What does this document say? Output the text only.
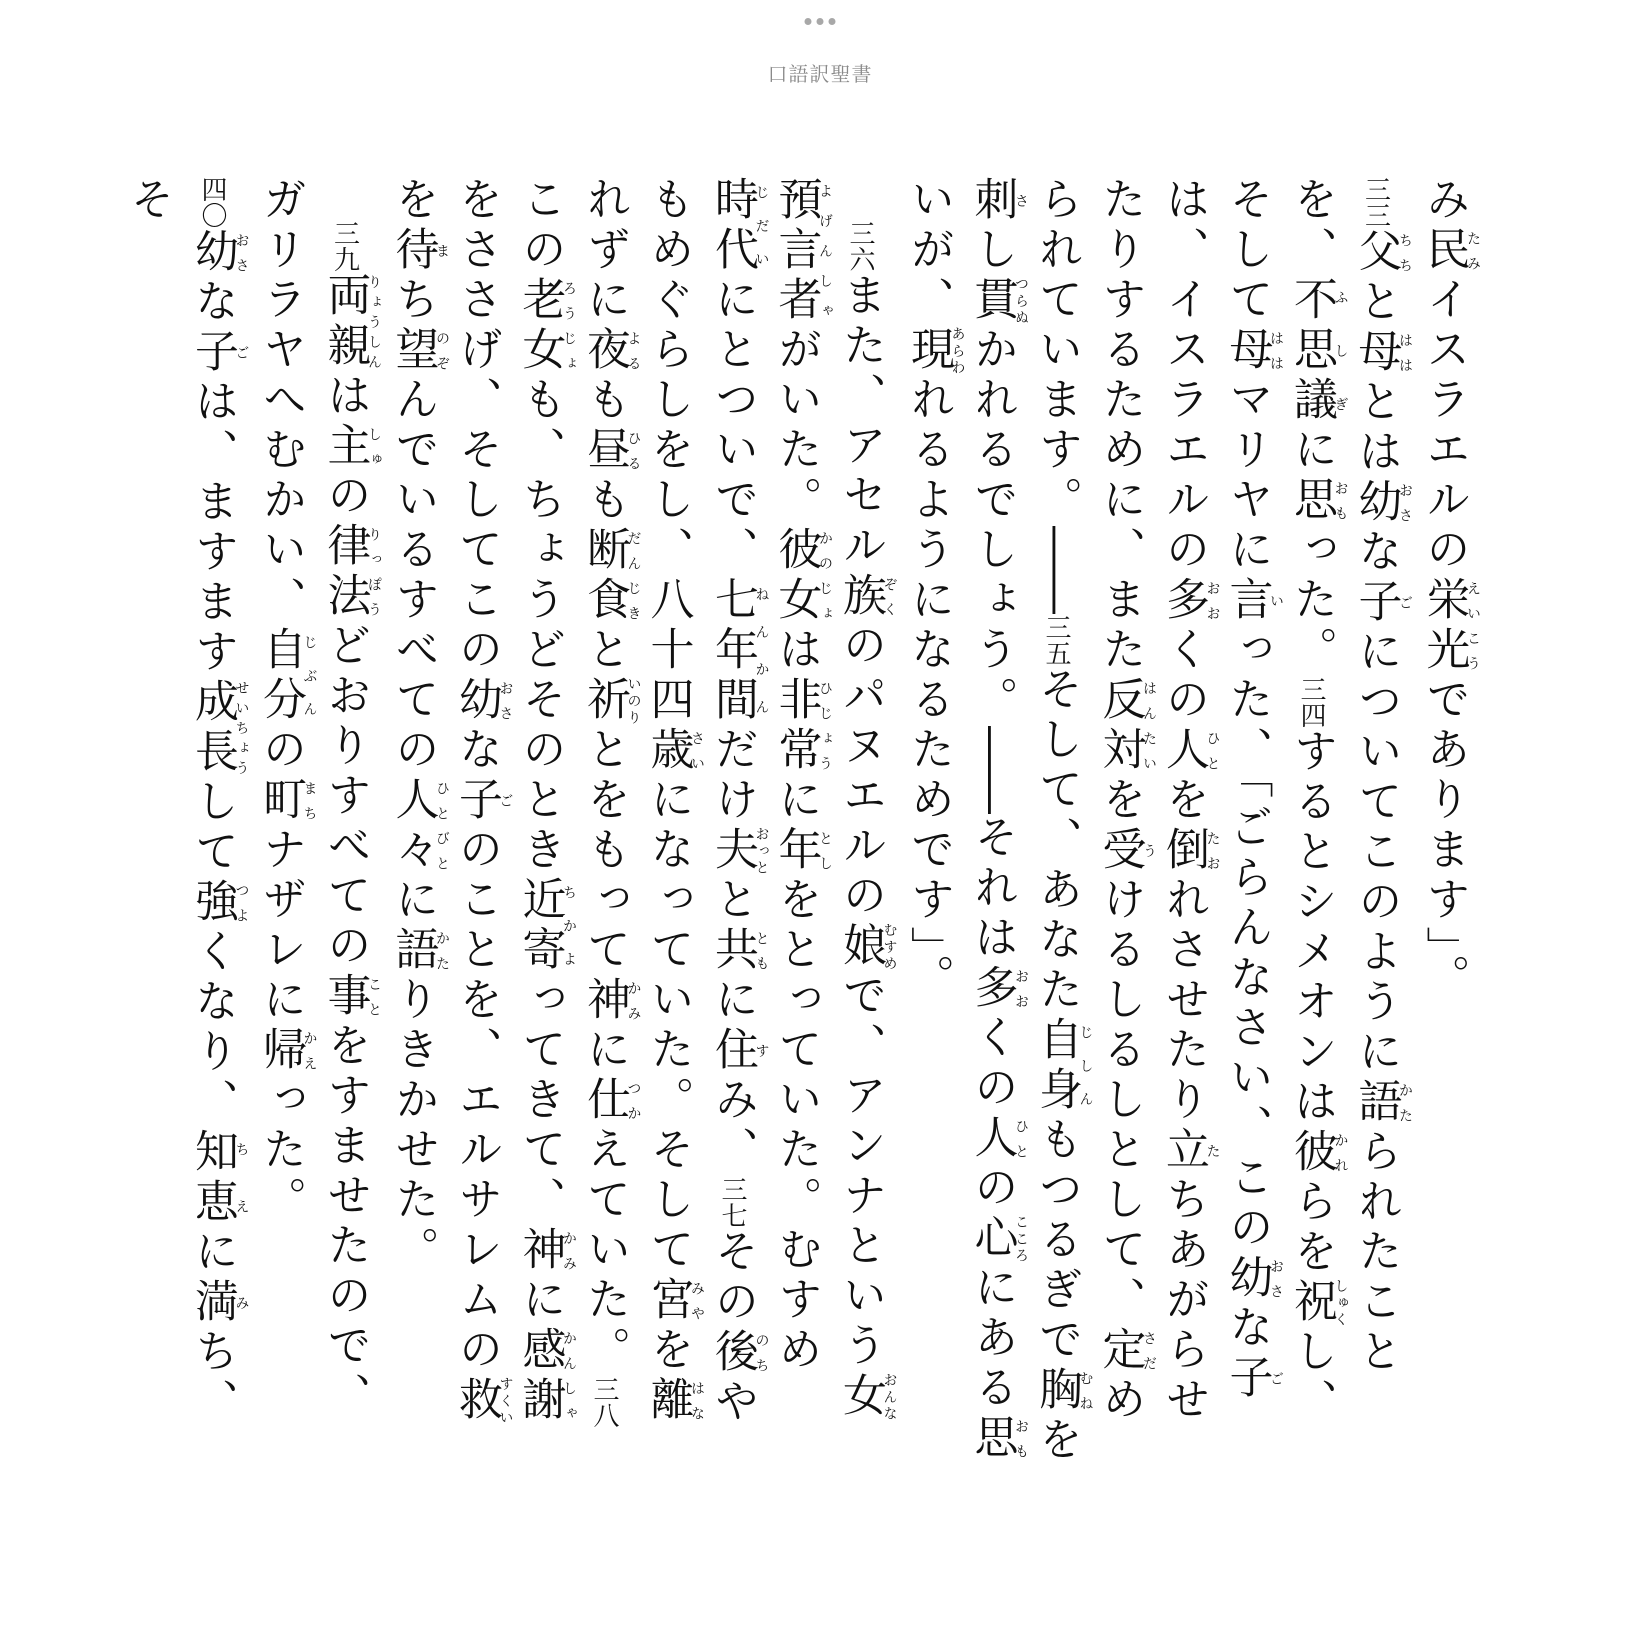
口語訳聖書
み民たみイスラエルの栄光えいこうであります」。
三三父ちちと母ははとは幼おさな子ごについてこのように語かたられたことを、不思議ふしぎに思おもった。三四するとシメオンは彼かれらを祝しゅくし、そして母ははマリヤに言いった、「ごらんなさい、この幼おさな子ごは、イスラエルの多おおくの人ひとを倒たおれさせたり立たちあがらせたりするために、また反対はんたいを受うけるしるしとして、定さだめられています。――三五そして、あなた自身じしんもつるぎで胸むねを刺さし貫つらぬかれるでしょう。――それは多おおくの人ひとの心こころにある思おもいが、現あらわれるようになるためです」。
三六また、アセル族ぞくのパヌエルの娘むすめで、アンナという女おんな預言者よげんしゃがいた。彼女かのじょは非常ひじょうに年としをとっていた。むすめ時代じだいにとついで、七年間ねんかんだけ夫おっとと共ともに住すみ、三七その後のちやもめぐらしをし、八十四歳さいになっていた。そして宮みやを離はなれずに夜よるも昼ひるも断食だんじきと祈いのりとをもって神かみに仕つかえていた。三八この老女ろうじょも、ちょうどそのとき近寄ちかよってきて、神かみに感謝かんしゃをささげ、そしてこの幼おさな子ごのことを、エルサレムの救すくいを待まち望のぞんでいるすべての人々ひとびとに語かたりきかせた。
三九両親りょうしんは主しゅの律法りっぽうどおりすべての事ことをすませたので、ガリラヤへむかい、自分じぶんの町まちナザレに帰かえった。
四〇幼おさな子ごは、ますます成長せいちょうして強つよくなり、知恵ちえに満みち、そ
